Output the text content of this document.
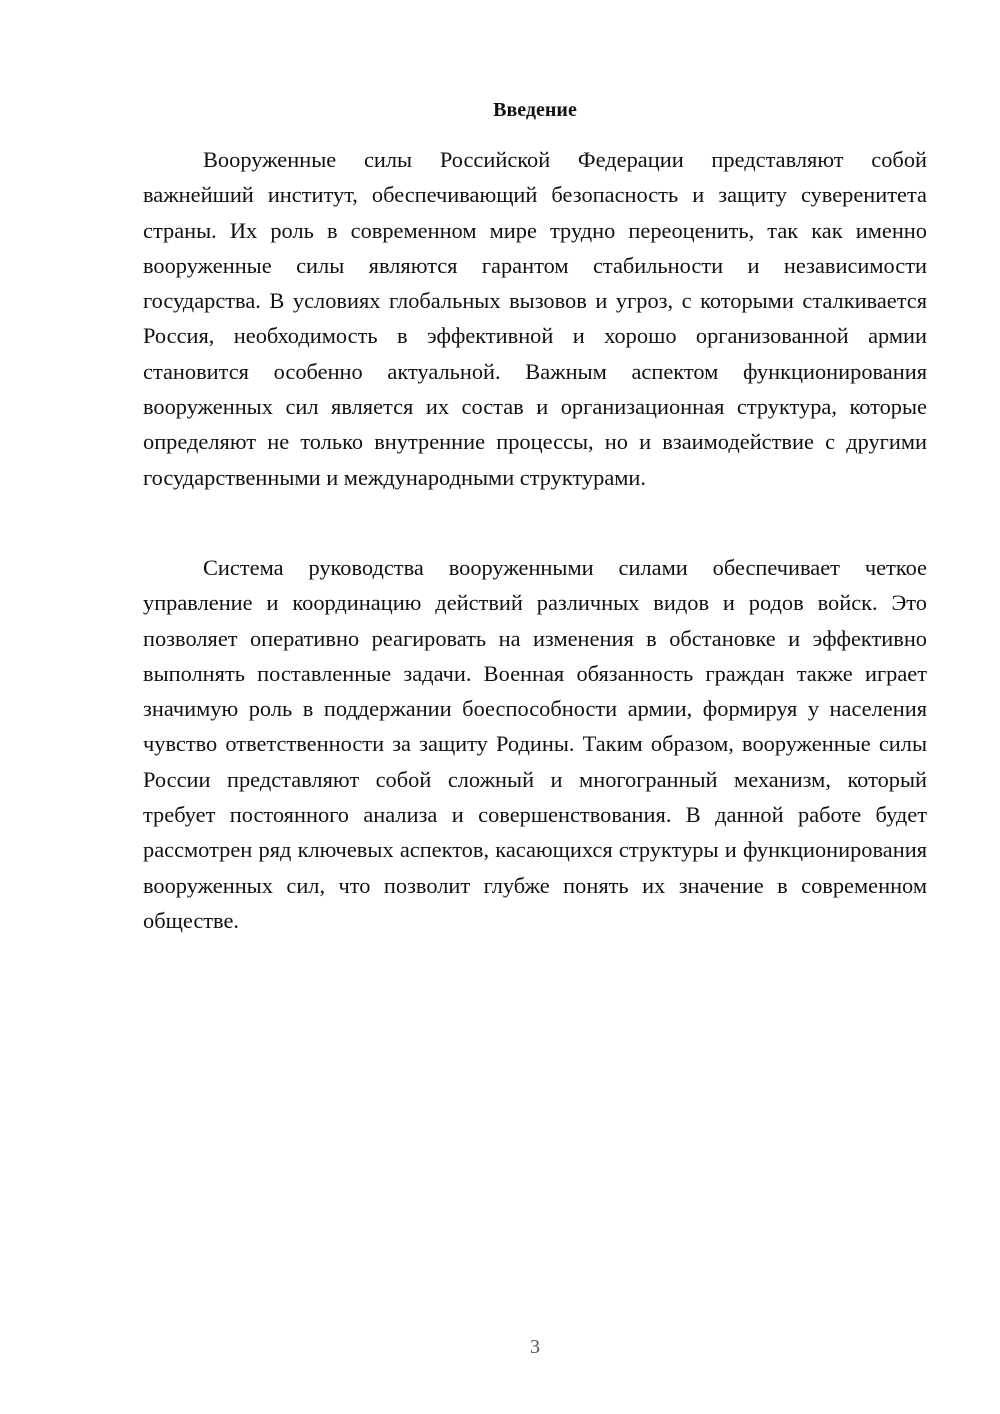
Введение

Вооруженные силы Российской Федерации представляют собой важнейший институт, обеспечивающий безопасность и защиту суверенитета страны. Их роль в современном мире трудно переоценить, так как именно вооруженные силы являются гарантом стабильности и независимости государства. В условиях глобальных вызовов и угроз, с которыми сталкивается Россия, необходимость в эффективной и хорошо организованной армии становится особенно актуальной. Важным аспектом функционирования вооруженных сил является их состав и организационная структура, которые определяют не только внутренние процессы, но и взаимодействие с другими государственными и международными структурами.

Система руководства вооруженными силами обеспечивает четкое управление и координацию действий различных видов и родов войск. Это позволяет оперативно реагировать на изменения в обстановке и эффективно выполнять поставленные задачи. Военная обязанность граждан также играет значимую роль в поддержании боеспособности армии, формируя у населения чувство ответственности за защиту Родины. Таким образом, вооруженные силы России представляют собой сложный и многогранный механизм, который требует постоянного анализа и совершенствования. В данной работе будет рассмотрен ряд ключевых аспектов, касающихся структуры и функционирования вооруженных сил, что позволит глубже понять их значение в современном обществе.

3
